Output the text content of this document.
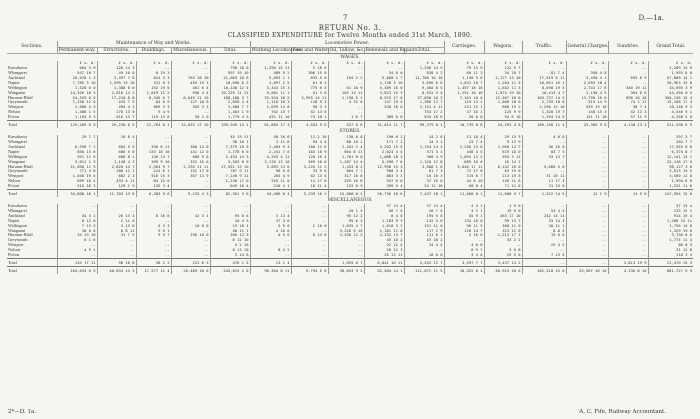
7	D.—1a.
RETURN No. 3.
CLASSIFIED EXPENDITURE for Twelve Months ended 31st March, 1890.
Sections.	Maintenance of Way and Works.					Locomotive Power.					Carriages.	Wagons.	Traffic.	General Charges.	Sundries.	Grand Total.
	Permanent-way.	Structures.	Buildings.	Miscellaneous.	Total.	Working Locomotives.	Fuel and Water.	Oil, Tallow, &c.	Renewals and Repairs.	Total.						
WAGES.																
	£ s. d.	£ s. d.	£ s. d.	£ s. d.	£ s. d.	£ s. d.	£ s. d.	£ s. d.	£ s. d.	£ s. d.	£ s. d.	£ s. d.	£ s. d.	£ s. d.	£ s. d.	£ s. d.
Kawakawa	664 3 9	126 14 3	..	..	790 18 0	1,290 15 11	5 18 6	..	..	1,296 14 5	79 13 9	122 9 7	..	..	..	2,289 15 9
Whangarei	547 10 7	49 10 0	0 19 3	..	597 19 10	489 9 2	306 15 0	..	34 0 0	830 4 2	60 11 3	34 18 7	81 7 4	350 4 8	..	1,955 6 8
Auckland	16,078 1 3	3,497 7 6	824 3 3	763 18 10	21,063 10 6	5,093 1 1	833 5 0	194 2 2	5,668 2 7	11,788 10 10	1,150 5 0	2,177 13 10	17,519 0 11	3,490 4 1	695 8 9	57,888 14 1
Napier	7,785 3 10	1,599 15 10	531 8 3	494 19 3	10,096 6 2	3,697 2 5	61 0 3	..	2,138 3 10	5,696 6 6	1,031 10 7	1,284 11 5	10,051 16 1	2,693 18 4	..	28,963 15 0
Wellington	1,528 6 0	1,388 0 0	192 19 0	461 6 4	10,148 12 5	3,343 15 3	775 6 5	61 10 9	5,489 16 0	9,460 8 5	1,457 18 10	1,652 11 3	8,690 19 5	2,743 17 6	340 19 11	34,695 3 9
Wanganui	14,326 16 3	2,016 14 2	1,019 11 2	936 4 4	19,229 11 11	5,001 11 1	51 3 0	102 13 11	3,823 15 3	8,922 9 4	1,251 10 10	1,874 19 10	10,413 4 7	2,190 4 5	364 6 6	44,456 0 5
Hurunui-Bluff	54,559 6 9	17,210 8 8	8,345 6 7	8,649 11 10	108,108 3 7	33,534 18 5	3,955 14 11	1,158 5 1	8,975 17 0	37,698 16 3	7,101 10 0	15,507 10 0	103,737 14 5	13,790 16 6	898 10 10	350,136 15 4
Greymouth	1,150 12 0	435 7 3	84 6 9	127 18 8	2,098 4 4	1,110 18 3	118 9 3	4 12 0	147 19 4	1,380 17 7	119 13 1	1,068 10 9	2,735 18 8	515 14 9	74 1 11	15,168 17 3
Westport	2,086 4 3	494 4 1	669 5 3	355 3 3	3,586 7 7	1,039 14 8	90 3 3	..	530 18 0	2,151 4 11	231 12 1	600 19 2	2,290 15 10	559 19 10	38 7 4	10,146 9 3
Nelson	1,468 1 5	170 13 0	9 4 9	..	1,463 1 9	702 15 7	52 13 6	..	..	754 17 2	37 16 1	125 9 9	1,320 19 7	148 15 3	42 13 3	4,546 9 1
Picton	1,103 9 3	616 13 7	119 15 6	30 2 0	1,779 4 3	432 11 10	73 10 1	1 6 7	389 0 0	835 18 6	20 0 8	94 8 10	1,294 14 5	141 11 10	57 11 9	4,358 5 0
Total	129,269 6 9	29,230 0 5	12,764 0 1	12,633 17 10	199,949 14 1	61,884 17 3	4,554 9 6	527 8 6	31,014 11 7	99,379 0 1	10,739 8 8	24,293 4 8	166,190 11 4	25,389 9 6	4,130 13 3	511,590 9 9
STORES.																
Kawakawa	29 7 7	16 8 4	..	..	45 15 11	48 16 0	11 2 10	130 0 0	190 0 1	14 2 6	13 18 4	29 13 3	4 0 0	..	..	297 3 7
Whangarei	..	..	..	..	30 10 1	3 11 6	94 4 4	88 10 1	171 7 1	14 3 1	23 7 4	9 13 9	..	..	..	262 7 7
Auckland	6,938 7 1	684 5 5	336 6 11	380 12 0	7,379 10 3	1,484 9 4	180 12 6	1,452 2 4	3,202 15 9	1,154 14 2	2,256 15 0	1,960 12 7	36 16 0	..	..	17,563 8 0
Napier	850 15 6	606 5 6	133 18 10	141 12 0	1,778 0 0	2,241 7 6	183 10 9	664 8 11	2,024 4 4	571 3 1	438 4 5	619 18 0	83 7 3	..	..	6,375 0 7
Wellington	931 11 6	600 0 1	130 13 7	600 9 0	2,433 14 3	4,293 4 11	120 16 4	1,701 0 0	1,088 18 3	300 4 9	1,094 12 2	594 3 11	33 13 7	..	..	12,141 13 1
Wanganui	3,611 1 3	1,148 4 1	399 9 10	331 10 0	5,563 8 6	3,170 13 10	569 10 0	1,207 14 4	5,598 7 0	1,120 12 8	689 16 0	16 14 2	..	..	..	22,148 17 4
Hurunui-Bluff	21,090 11 9	2,620 14 7	2,564 9 7	2,294 11 11	27,551 13 10	5,093 13 0	3,225 11 2	1,453 8 2	12,998 15 3	3,586 1 0	5,646 17 11	6,142 16 0	5,660 5 0	..	..	98,127 3 0
Greymouth	771 4 8	180 11 1	214 6 1	152 17 0	787 9 11	98 0 0	33 9 6	664 7 1	900 3 4	61 7 3	72 17 8	65 19 0	..	..	..	3,013 15 5
Westport	1,040 19 4	602 2 3	516 15 3	357 13 9	7,140 9 11	263 4 9	62 13 4	317 16 0	863 3 3	10 16 3	315 8 7	213 19 3	31 10 11	..	..	5,160 12 0
Nelson	699 10 4	433 4 11	84 12 0	..	1,230 17 0	255 11 0	11 17 0	229 16 8	557 6 6	37 19 0	44 6 10	126 11 6	11 17 3	..	..	1,994 6 0
Picton	515 18 3	129 2 9	155 3 4	..	649 16 4	216 4 1	10 11 4	133 0 9	359 5 4	24 12 10	60 8 4	71 12 8	31 15 0	..	..	1,231 11 0
Total	34,808 16 1	11,703 13 6	6,383 9 0	9,135 4 3	62,361 3 6	34,406 6 4	5,239 16 2	15,000 0 1	56,736 10 6	7,437 10 1	11,660 0 1	11,600 9 7	1,322 14 5	12 2 9	14 5 6	147,594 15 6
MISCELLANEOUS.																
Kawakawa	..	..	..	..	..	..	..	..	37 13 4	37 13 4	4 4 1	1 9 0	..	..	..	37 13 4
Whangarei	..	..	..	..	..	..	..	20 1 5	56 7 4	26 7 4	3 2 1	19 9 0	53 4 5	..	..	125 15 1
Auckland	34 4 1	26 13 4	8 16 8	42 3 1	95 0 6	3 13 4	..	95 12 2	8 4 0	195 5 0	55 9 1	363 17 10	242 14 11	..	..	914 19 4
Napier	8 12 0	2 11 0	..	..	10 4 3	37 3 0	..	95 6 3	1,183 9 3	132 5 0	132 16 0	99 13 7	33 14 3	..	..	1,268 15 11
Wellington	7 13 3	3 13 0	6 3 3	10 0 0	15 10 1	5 9 0	2 10 0	1,035 4 7	1,018 3 2	191 11 0	98 11 5	380 11 0	30 11 1	..	..	1,756 14 0
Wanganui	30 0 0	8 8 11	9 6 1	..	48 11 1	4 10 0	..	3,220 9 10	1,181 11 0	117 2 9	120 14 7	323 12 0	8 8 5	..	..	1,329 19 0
Hurunui-Bluff	34 19 10	31 7 2	9 9 7	190 16 0	166 12 3	0 5 0	8 14 0	3,250 12 3	2,332 13 7	111 0 1	2 10 6	1,213 17 1	19 0 0	..	..	3,750 0 6
Greymouth	0 1 6	..	..	..	0 12 10	..	..	..	45 18 2	45 18 2	..	33 2 2	..	..	..	1,774 11 4
Westport	..	..	..	..	5 2 10	..	..	..	22 12 4	34 4 4	4 0 0	..	25 4 2	..	..	80 0 3
Nelson	4 9 1	..	..	..	0 13 10	8 4 2	..	..	20 12 3	..	0 9 1	3 0 8	..	..	..	31 12 8
Picton	..	..	..	..	3 14 8	..	..	..	25 13 11	18 0 0	3 4 0	25 5 0	7 13 5	..	..	118 3 4
Total	135 17 11	98 10 8	38 2 2	223 8 3	476 1 5	13 1 4	..	1,855 0 7	6,841 10 11	3,432 12 7	3,597 7 7	3,437 14 2	..	..	3,813 19 9	21,470 15 3
Total	164,634 0 9	40,834 13 3	17,577 11 4	20,489 10 0	243,015 2 0	96,304 0 11	9,794 5 8	38,653 9 2	52,504 14 1	111,072 11 5	18,322 6 4	40,923 18 6	162,318 15 6	25,567 10 10	4,136 8 10	681,727 9 9
2*—D. 1a.	A. C. Fife, Railway Accountant.
